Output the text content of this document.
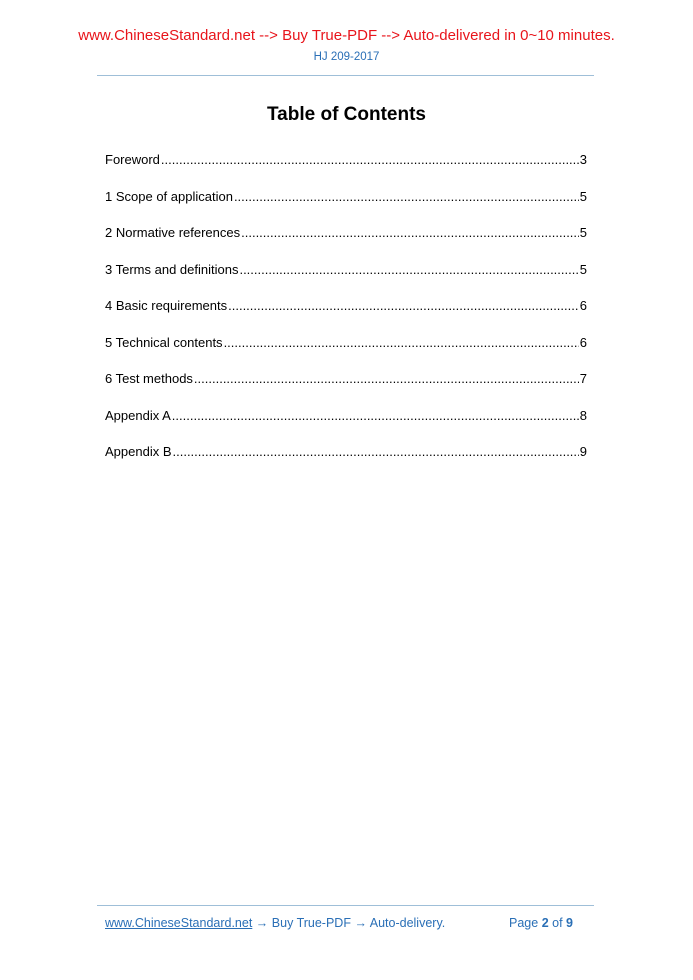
www.ChineseStandard.net --> Buy True-PDF --> Auto-delivered in 0~10 minutes.
HJ 209-2017
Table of Contents
Foreword .....	3
1 Scope of application .....	5
2 Normative references .....	5
3 Terms and definitions .....	5
4 Basic requirements .....	6
5 Technical contents .....	6
6 Test methods .....	7
Appendix A .....	8
Appendix B .....	9
www.ChineseStandard.net → Buy True-PDF → Auto-delivery.	Page 2 of 9
